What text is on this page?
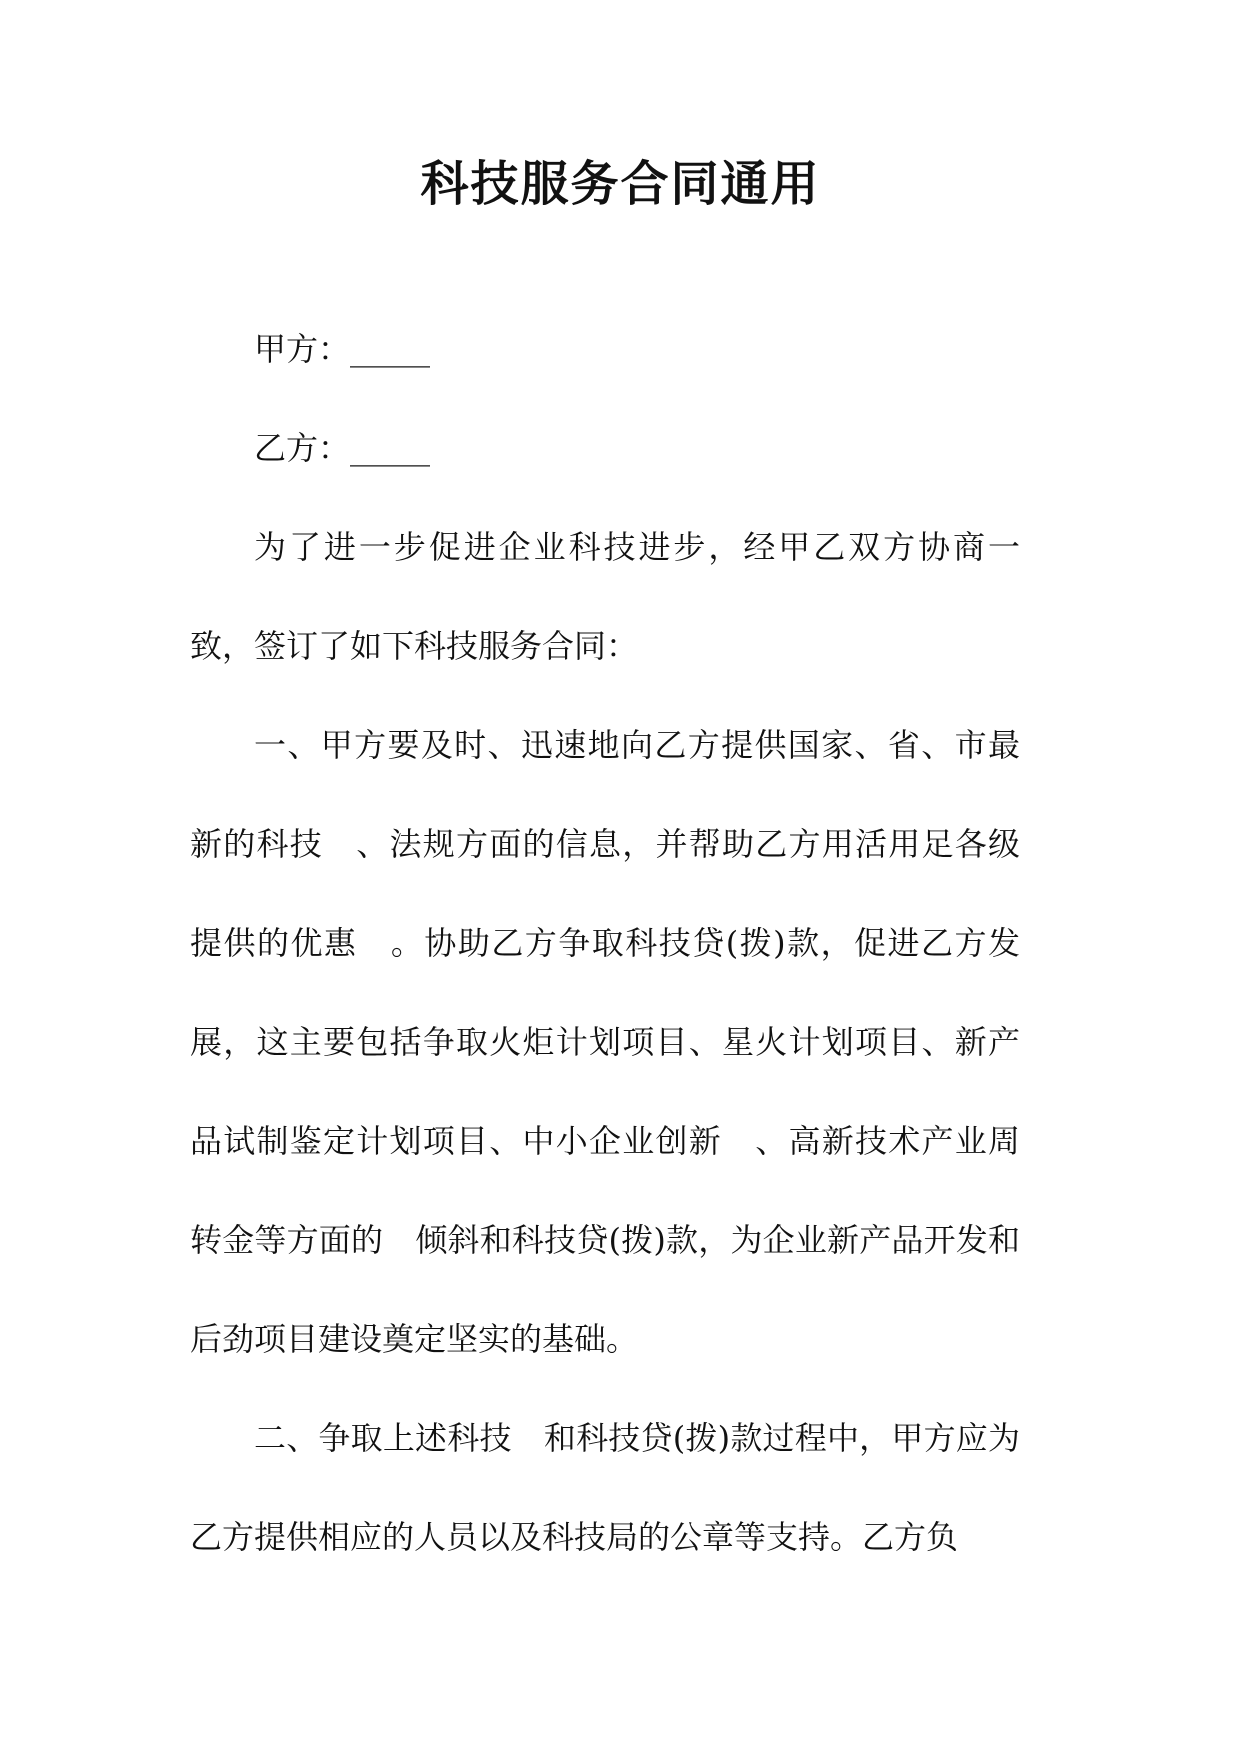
科技服务合同通用

甲方：_____

乙方：_____

为了进一步促进企业科技进步，经甲乙双方协商一致，签订了如下科技服务合同：

一、甲方要及时、迅速地向乙方提供国家、省、市最新的科技　、法规方面的信息，并帮助乙方用活用足各级提供的优惠　。协助乙方争取科技贷(拨)款，促进乙方发展，这主要包括争取火炬计划项目、星火计划项目、新产品试制鉴定计划项目、中小企业创新　、高新技术产业周转金等方面的　倾斜和科技贷(拨)款，为企业新产品开发和后劲项目建设奠定坚实的基础。

二、争取上述科技　和科技贷(拨)款过程中，甲方应为乙方提供相应的人员以及科技局的公章等支持。乙方负
